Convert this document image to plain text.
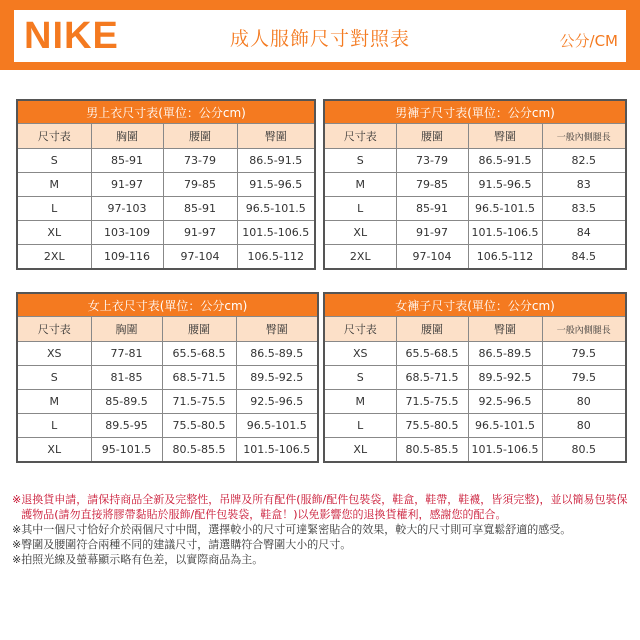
NIKE	成人服飾尺寸對照表	公分/CM
男上衣尺寸表(單位：公分cm)			
尺寸表	胸圍	腰圍	臀圍
S	85-91	73-79	86.5-91.5
M	91-97	79-85	91.5-96.5
L	97-103	85-91	96.5-101.5
XL	103-109	91-97	101.5-106.5
2XL	109-116	97-104	106.5-112
男褲子尺寸表(單位：公分cm)			
尺寸表	腰圍	臀圍	一般內側腿長
S	73-79	86.5-91.5	82.5
M	79-85	91.5-96.5	83
L	85-91	96.5-101.5	83.5
XL	91-97	101.5-106.5	84
2XL	97-104	106.5-112	84.5
女上衣尺寸表(單位：公分cm)			
尺寸表	胸圍	腰圍	臀圍
XS	77-81	65.5-68.5	86.5-89.5
S	81-85	68.5-71.5	89.5-92.5
M	85-89.5	71.5-75.5	92.5-96.5
L	89.5-95	75.5-80.5	96.5-101.5
XL	95-101.5	80.5-85.5	101.5-106.5
女褲子尺寸表(單位：公分cm)			
尺寸表	腰圍	臀圍	一般內側腿長
XS	65.5-68.5	86.5-89.5	79.5
S	68.5-71.5	89.5-92.5	79.5
M	71.5-75.5	92.5-96.5	80
L	75.5-80.5	96.5-101.5	80
XL	80.5-85.5	101.5-106.5	80.5
※ 退換貨申請，請保持商品全新及完整性，吊牌及所有配件(服飾/配件包裝袋，鞋盒，鞋帶，鞋襪，皆須完整)，並以簡易包裝保護物品(請勿直接將膠帶黏貼於服飾/配件包裝袋，鞋盒！)以免影響您的退換貨權利，感謝您的配合。
※ 其中一個尺寸恰好介於兩個尺寸中間，選擇較小的尺寸可達緊密貼合的效果，較大的尺寸則可享寬鬆舒適的感受。
※ 臀圍及腰圍符合兩種不同的建議尺寸，請選購符合臀圍大小的尺寸。
※ 拍照光線及螢幕顯示略有色差，以實際商品為主。
